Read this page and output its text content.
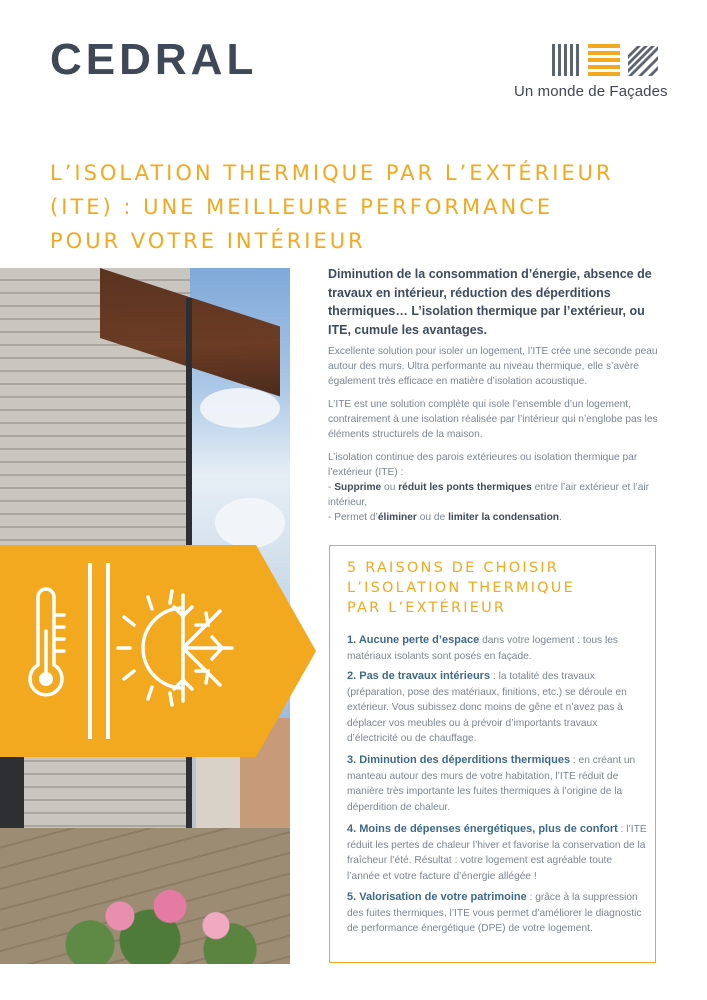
CEDRAL
Un monde de Façades
L’ISOLATION THERMIQUE PAR L’EXTÉRIEUR
(ITE) : UNE MEILLEURE PERFORMANCE
POUR VOTRE INTÉRIEUR
Diminution de la consommation d’énergie, absence de travaux en intérieur, réduction des déperditions thermiques… L’isolation thermique par l’extérieur, ou ITE, cumule les avantages.
Excellente solution pour isoler un logement, l’ITE crée une seconde peau autour des murs. Ultra performante au niveau thermique, elle s’avère également très efficace en matière d’isolation acoustique.
L’ITE est une solution complète qui isole l’ensemble d’un logement, contrairement à une isolation réalisée par l’intérieur qui n’englobe pas les éléments structurels de la maison.
L’isolation continue des parois extérieures ou isolation thermique par l’extérieur (ITE) :
- Supprime ou réduit les ponts thermiques entre l’air extérieur et l’air intérieur,
- Permet d’éliminer ou de limiter la condensation.
5 RAISONS DE CHOISIR
L’ISOLATION THERMIQUE
PAR L’EXTÉRIEUR
1. Aucune perte d’espace dans votre logement : tous les matériaux isolants sont posés en façade.
2. Pas de travaux intérieurs : la totalité des travaux (préparation, pose des matériaux, finitions, etc.) se déroule en extérieur. Vous subissez donc moins de gêne et n’avez pas à déplacer vos meubles ou à prévoir d’importants travaux d’électricité ou de chauffage.
3. Diminution des déperditions thermiques : en créant un manteau autour des murs de votre habitation, l’ITE réduit de manière très importante les fuites thermiques à l’origine de la déperdition de chaleur.
4. Moins de dépenses énergétiques, plus de confort : l’ITE réduit les pertes de chaleur l’hiver et favorise la conservation de la fraîcheur l’été. Résultat : votre logement est agréable toute l’année et votre facture d’énergie allégée !
5. Valorisation de votre patrimoine : grâce à la suppression des fuites thermiques, l’ITE vous permet d’améliorer le diagnostic de performance énergétique (DPE) de votre logement.
